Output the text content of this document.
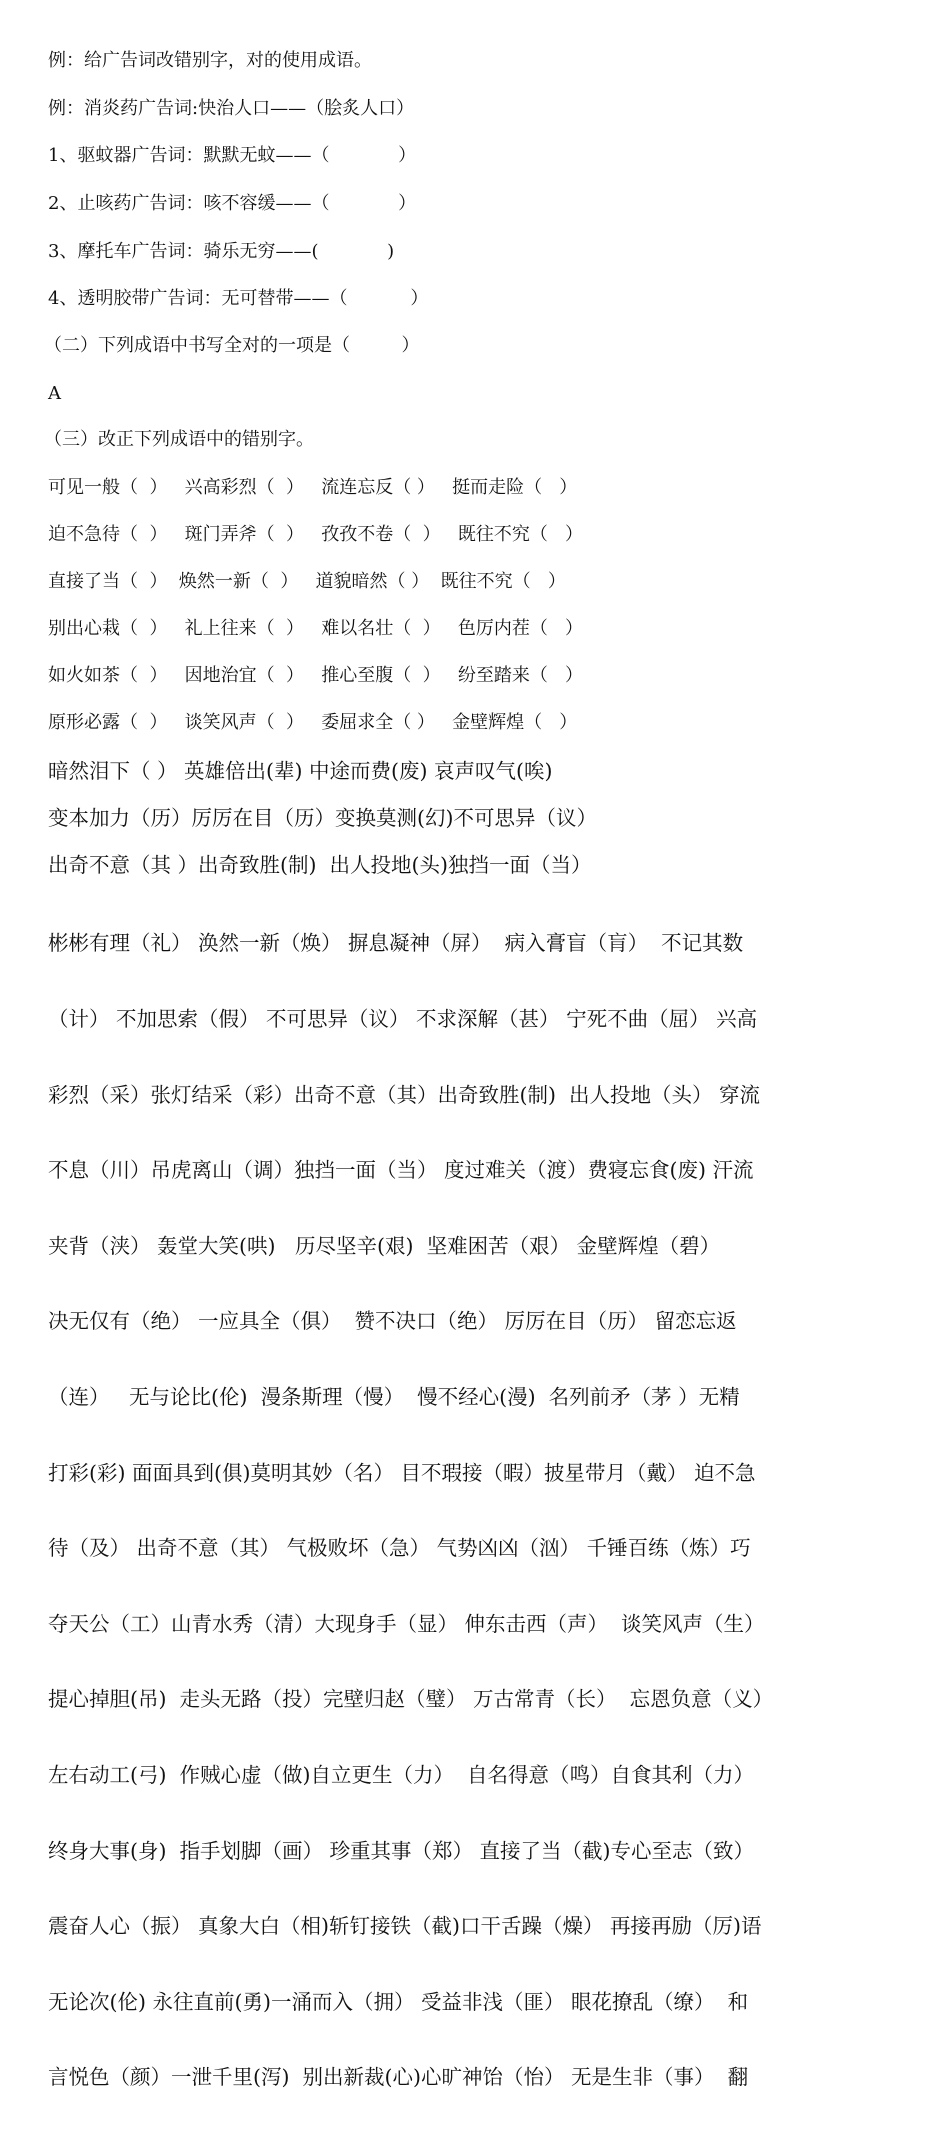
例：给广告词改错别字，对的使用成语。
例：消炎药广告词:快治人口——（脍炙人口）
1、驱蚊器广告词：默默无蚊——（            ）
2、止咳药广告词：咳不容缓——（            ）
3、摩托车广告词：骑乐无穷——(            )
4、透明胶带广告词：无可替带——（           ）
（二）下列成语中书写全对的一项是（         ）
A
（三）改正下列成语中的错别字。
可见一般（  ）   兴高彩烈（  ）   流连忘反（ ）   挺而走险（   ）
迫不急待（  ）   斑门弄斧（  ）   孜孜不卷（  ）   既往不究（   ）
直接了当（  ）  焕然一新（  ）   道貌暗然（ ）  既往不究（   ）
别出心栽（  ）   礼上往来（  ）   难以名壮（  ）   色厉内茬（   ）
如火如茶（  ）   因地治宜（  ）   推心至腹（  ）   纷至踏来（   ）
原形必露（  ）   谈笑风声（  ）   委屈求全（ ）   金壁辉煌（   ）
暗然泪下（ ） 英雄倍出(辈) 中途而费(废) 哀声叹气(唉)
变本加力（历）厉厉在目（历）变换莫测(幻)不可思异（议）
出奇不意（其 ）出奇致胜(制)  出人投地(头)独挡一面（当）

彬彬有理（礼） 涣然一新（焕） 摒息凝神（屏）  病入膏盲（肓）  不记其数

（计） 不加思索（假） 不可思异（议） 不求深解（甚） 宁死不曲（屈） 兴高

彩烈（采）张灯结采（彩）出奇不意（其）出奇致胜(制)  出人投地（头） 穿流

不息（川）吊虎离山（调）独挡一面（当） 度过难关（渡）费寝忘食(废) 汗流

夹背（浃） 轰堂大笑(哄)   历尽坚辛(艰)  坚难困苦（艰） 金壁辉煌（碧）

决无仅有（绝） 一应具全（俱）  赞不决口（绝） 厉厉在目（历） 留恋忘返

（连）   无与论比(伦)  漫条斯理（慢）  慢不经心(漫)  名列前矛（茅 ）无精

打彩(彩) 面面具到(俱)莫明其妙（名） 目不瑕接（暇）披星带月（戴） 迫不急

待（及） 出奇不意（其） 气极败坏（急） 气势凶凶（汹） 千锤百练（炼）巧

夺天公（工）山青水秀（清）大现身手（显） 伸东击西（声）  谈笑风声（生）

提心掉胆(吊)  走头无路（投）完壁归赵（璧） 万古常青（长）  忘恩负意（义）

左右动工(弓)  作贼心虚（做)自立更生（力）  自名得意（鸣）自食其利（力）

终身大事(身)  指手划脚（画） 珍重其事（郑） 直接了当（截)专心至志（致）

震奋人心（振） 真象大白（相)斩钉接铁（截)口干舌躁（燥） 再接再励（厉)语

无论次(伦) 永往直前(勇)一涌而入（拥） 受益非浅（匪） 眼花撩乱（缭）  和

言悦色（颜）一泄千里(泻)  别出新裁(心)心旷神饴（怡） 无是生非（事）  翻
